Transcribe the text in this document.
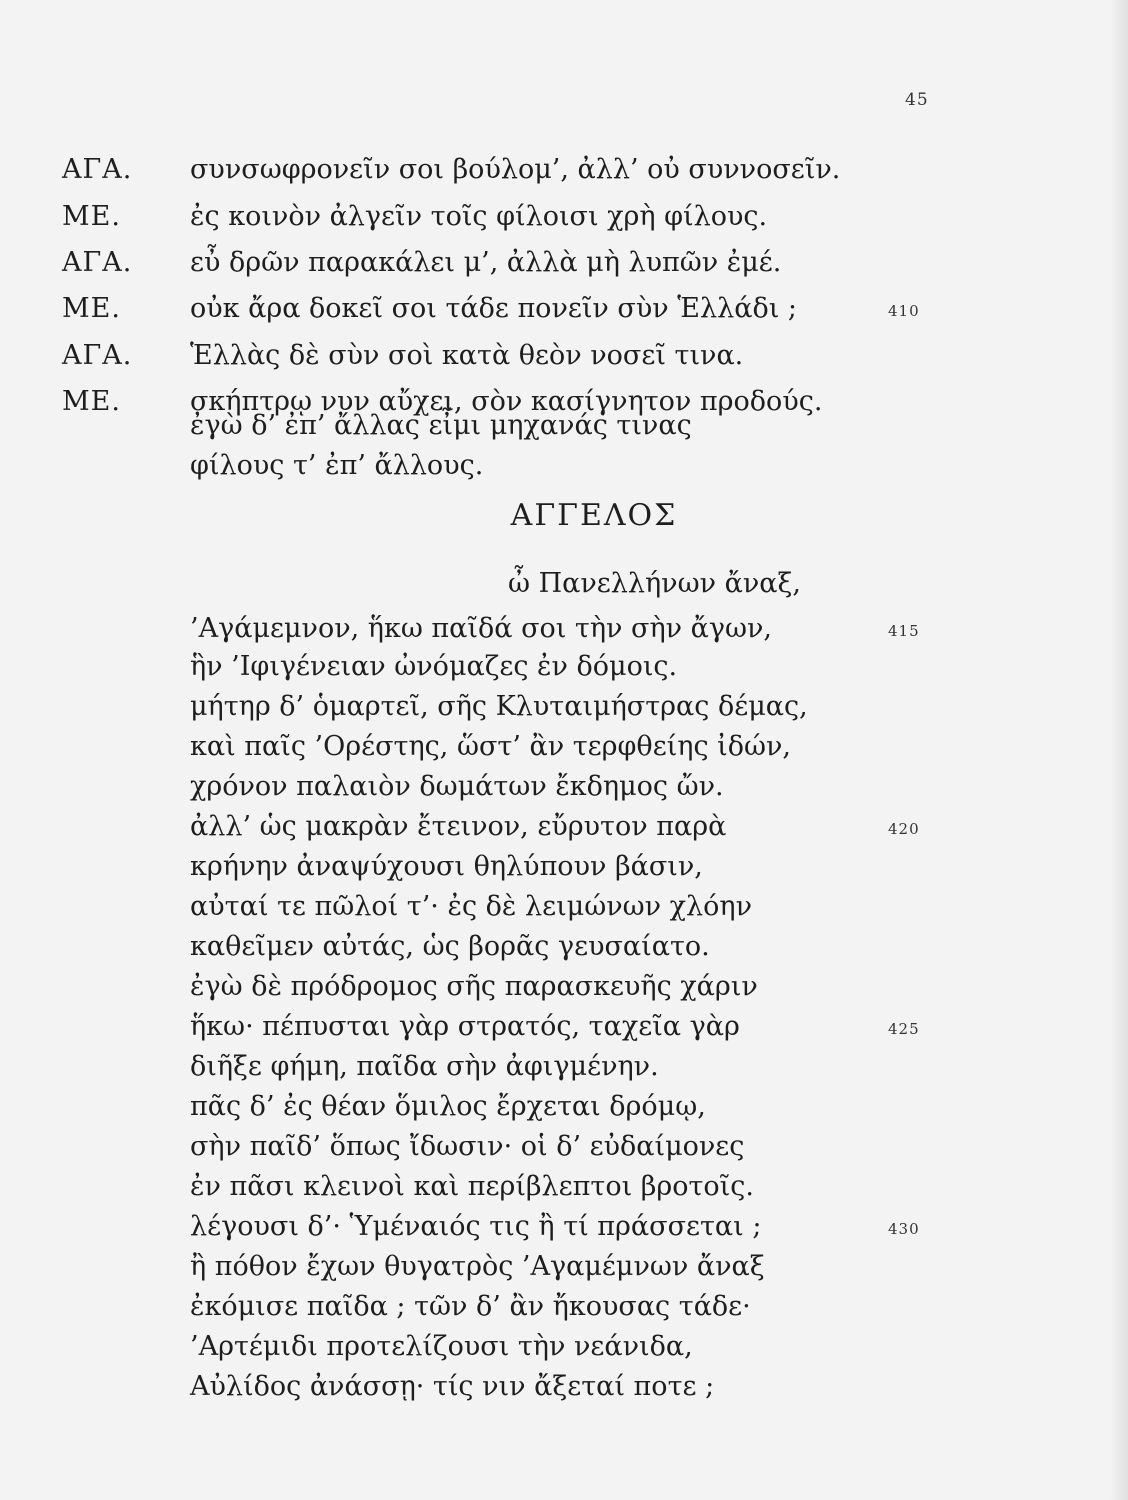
45
ΑΓΑ.	συνσωφρονεῖν σοι βούλομ’, ἀλλ’ οὐ συννοσεῖν.
ΜΕ.	ἐς κοινὸν ἀλγεῖν τοῖς φίλοισι χρὴ φίλους.
ΑΓΑ.	εὖ δρῶν παρακάλει μ’, ἀλλὰ μὴ λυπῶν ἐμέ.
ΜΕ.	οὐκ ἄρα δοκεῖ σοι τάδε πονεῖν σὺν Ἑλλάδι ;	410
ΑΓΑ.	Ἑλλὰς δὲ σὺν σοὶ κατὰ θεὸν νοσεῖ τινα.
ΜΕ.	σκήπτρῳ νυν αὔχει, σὸν κασίγνητον προδούς.
ἐγὼ δ’ ἐπ’ ἄλλας εἶμι μηχανάς τινας
φίλους τ’ ἐπ’ ἄλλους.
ΑΓΓΕΛΟΣ
ὦ Πανελλήνων ἄναξ,
’Αγάμεμνον, ἥκω παῖδά σοι τὴν σὴν ἄγων,	415
ἣν ’Ιφιγένειαν ὠνόμαζες ἐν δόμοις.
μήτηρ δ’ ὁμαρτεῖ, σῆς Κλυταιμήστρας δέμας,
καὶ παῖς ’Ορέστης, ὥστ’ ἂν τερφθείης ἰδών,
χρόνον παλαιὸν δωμάτων ἔκδημος ὤν.
ἀλλ’ ὡς μακρὰν ἔτεινον, εὔρυτον παρὰ	420
κρήνην ἀναψύχουσι θηλύπουν βάσιν,
αὐταί τε πῶλοί τ’· ἐς δὲ λειμώνων χλόην
καθεῖμεν αὐτάς, ὡς βορᾶς γευσαίατο.
ἐγὼ δὲ πρόδρομος σῆς παρασκευῆς χάριν
ἥκω· πέπυσται γὰρ στρατός, ταχεῖα γὰρ	425
διῆξε φήμη, παῖδα σὴν ἀφιγμένην.
πᾶς δ’ ἐς θέαν ὅμιλος ἔρχεται δρόμῳ,
σὴν παῖδ’ ὅπως ἴδωσιν· οἱ δ’ εὐδαίμονες
ἐν πᾶσι κλεινοὶ καὶ περίβλεπτοι βροτοῖς.
λέγουσι δ’· Ὑμέναιός τις ἢ τί πράσσεται ;	430
ἢ πόθον ἔχων θυγατρὸς ’Αγαμέμνων ἄναξ
ἐκόμισε παῖδα ; τῶν δ’ ἂν ἤκουσας τάδε·
’Αρτέμιδι προτελίζουσι τὴν νεάνιδα,
Αὐλίδος ἀνάσσῃ· τίς νιν ἄξεταί ποτε ;
